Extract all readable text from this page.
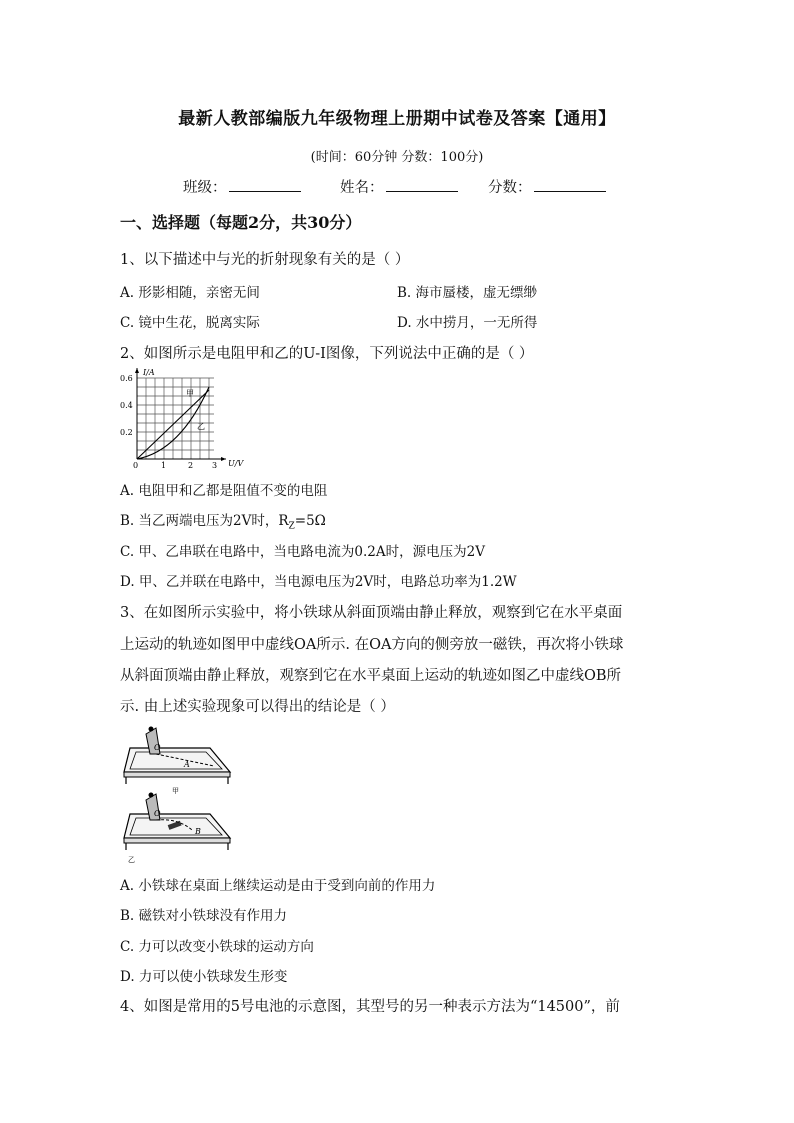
最新人教部编版九年级物理上册期中试卷及答案【通用】
(时间：60分钟 分数：100分)
班级：	姓名：	分数：
一、选择题（每题2分，共30分）
1、以下描述中与光的折射现象有关的是（ ）
A. 形影相随，亲密无间	B. 海市蜃楼，虚无缥缈
C. 镜中生花，脱离实际	D. 水中捞月，一无所得
2、如图所示是电阻甲和乙的U-I图像，下列说法中正确的是（ ）
I/A
U/V
0.6
0.4
0.2
0	1	2 3
甲
乙
A. 电阻甲和乙都是阻值不变的电阻
B. 当乙两端电压为2V时，$R_Z=5\Omega$
C. 甲、乙串联在电路中，当电路电流为0.2A时，源电压为2V
D. 甲、乙并联在电路中，当电源电压为2V时，电路总功率为1.2W
3、在如图所示实验中，将小铁球从斜面顶端由静止释放，观察到它在水平桌面
上运动的轨迹如图甲中虚线OA所示. 在OA方向的侧旁放一磁铁，再次将小铁球
从斜面顶端由静止释放，观察到它在水平桌面上运动的轨迹如图乙中虚线OB所
示. 由上述实验现象可以得出的结论是（ ）
O
A
甲
O
B
乙
A. 小铁球在桌面上继续运动是由于受到向前的作用力
B. 磁铁对小铁球没有作用力
C. 力可以改变小铁球的运动方向
D. 力可以使小铁球发生形变
4、如图是常用的5号电池的示意图，其型号的另一种表示方法为“14500”，前
